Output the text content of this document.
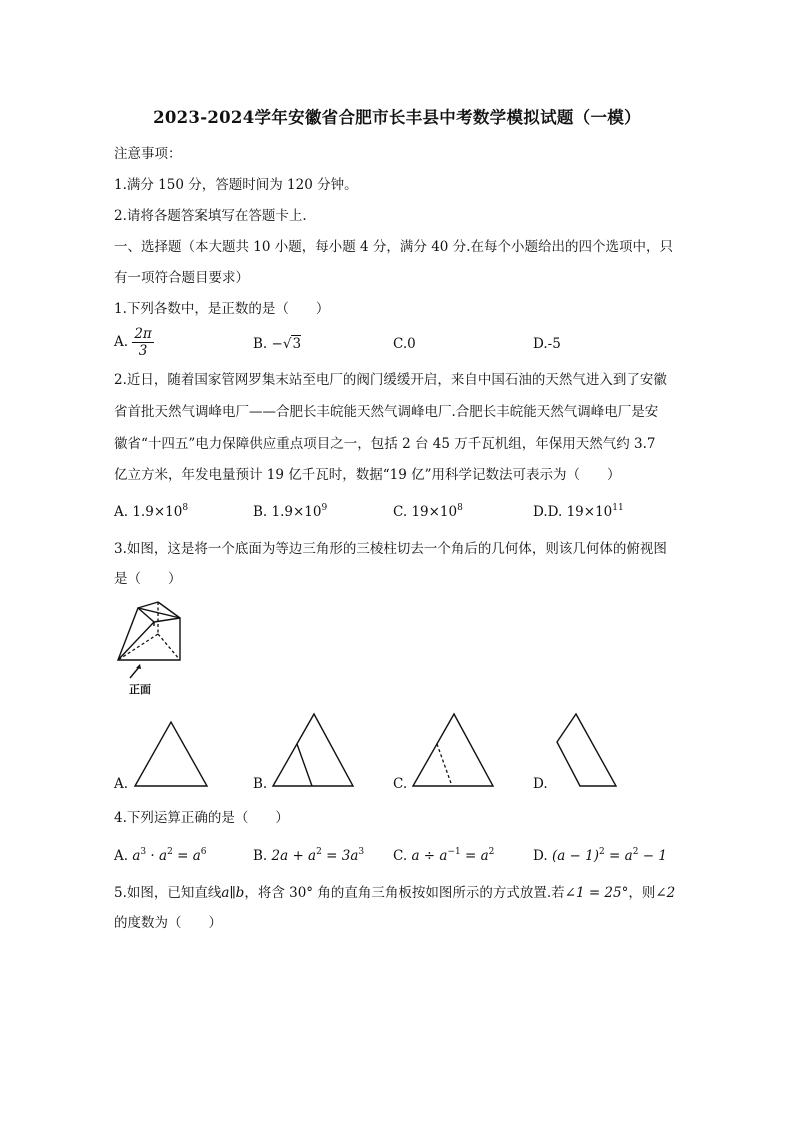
2023-2024学年安徽省合肥市长丰县中考数学模拟试题（一模）
注意事项：
1.满分 150 分，答题时间为 120 分钟。
2.请将各题答案填写在答题卡上.
一、选择题（本大题共 10 小题，每小题 4 分，满分 40 分.在每个小题给出的四个选项中，只
有一项符合题目要求）
1.下列各数中，是正数的是（　　）
A. $\frac{2\pi}{3}$	B. −√3	C.0	D.-5
2.近日，随着国家管网罗集末站至电厂的阀门缓缓开启，来自中国石油的天然气进入到了安徽
省首批天然气调峰电厂——合肥长丰皖能天然气调峰电厂.合肥长丰皖能天然气调峰电厂是安
徽省“十四五”电力保障供应重点项目之一，包括 2 台 45 万千瓦机组，年保用天然气约 3.7
亿立方米，年发电量预计 19 亿千瓦时，数据“19 亿”用科学记数法可表示为（　　）
A. $1.9\times 10^8$	B. $1.9\times 10^9$	C. $19\times 10^8$	D.D. $19\times 10^{11}$
3.如图，这是将一个底面为等边三角形的三棱柱切去一个角后的几何体，则该几何体的俯视图
是（　　）
正面
A.	B.	C.	D.
4.下列运算正确的是（　　）
A. $a^3 \cdot a^2 = a^6$	B. $2a + a^2 = 3a^3$ C. $a \div a^{-1} = a^2$	D. $(a - 1)^2 = a^2 - 1$
5.如图，已知直线a∥b，将含 30° 角的直角三角板按如图所示的方式放置.若∠1 = 25°，则∠2
的度数为（　　）
